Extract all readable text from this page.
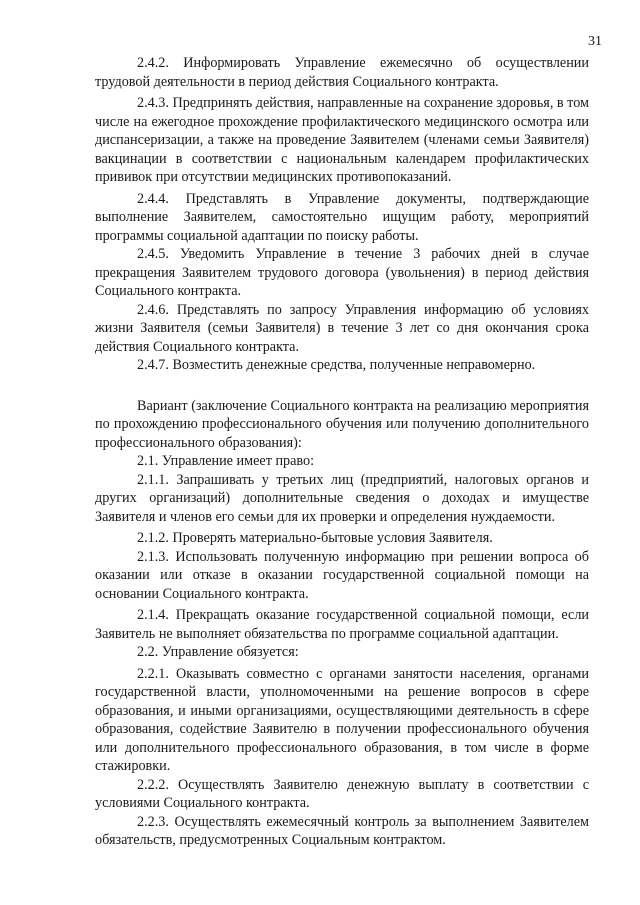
31

2.4.2. Информировать Управление ежемесячно об осуществлении трудовой деятельности в период действия Социального контракта.

2.4.3. Предпринять действия, направленные на сохранение здоровья, в том числе на ежегодное прохождение профилактического медицинского осмотра или диспансеризации, а также на проведение Заявителем (членами семьи Заявителя) вакцинации в соответствии с национальным календарем профилактических прививок при отсутствии медицинских противопоказаний.

2.4.4. Представлять в Управление документы, подтверждающие выполнение Заявителем, самостоятельно ищущим работу, мероприятий программы социальной адаптации по поиску работы.

2.4.5. Уведомить Управление в течение 3 рабочих дней в случае прекращения Заявителем трудового договора (увольнения) в период действия Социального контракта.

2.4.6. Представлять по запросу Управления информацию об условиях жизни Заявителя (семьи Заявителя) в течение 3 лет со дня окончания срока действия Социального контракта.

2.4.7. Возместить денежные средства, полученные неправомерно.

Вариант (заключение Социального контракта на реализацию мероприятия по прохождению профессионального обучения или получению дополнительного профессионального образования):

2.1. Управление имеет право:

2.1.1. Запрашивать у третьих лиц (предприятий, налоговых органов и других организаций) дополнительные сведения о доходах и имуществе Заявителя и членов его семьи для их проверки и определения нуждаемости.

2.1.2. Проверять материально-бытовые условия Заявителя.

2.1.3. Использовать полученную информацию при решении вопроса об оказании или отказе в оказании государственной социальной помощи на основании Социального контракта.

2.1.4. Прекращать оказание государственной социальной помощи, если Заявитель не выполняет обязательства по программе социальной адаптации.

2.2. Управление обязуется:

2.2.1. Оказывать совместно с органами занятости населения, органами государственной власти, уполномоченными на решение вопросов в сфере образования, и иными организациями, осуществляющими деятельность в сфере образования, содействие Заявителю в получении профессионального обучения или дополнительного профессионального образования, в том числе в форме стажировки.

2.2.2. Осуществлять Заявителю денежную выплату в соответствии с условиями Социального контракта.

2.2.3. Осуществлять ежемесячный контроль за выполнением Заявителем обязательств, предусмотренных Социальным контрактом.
